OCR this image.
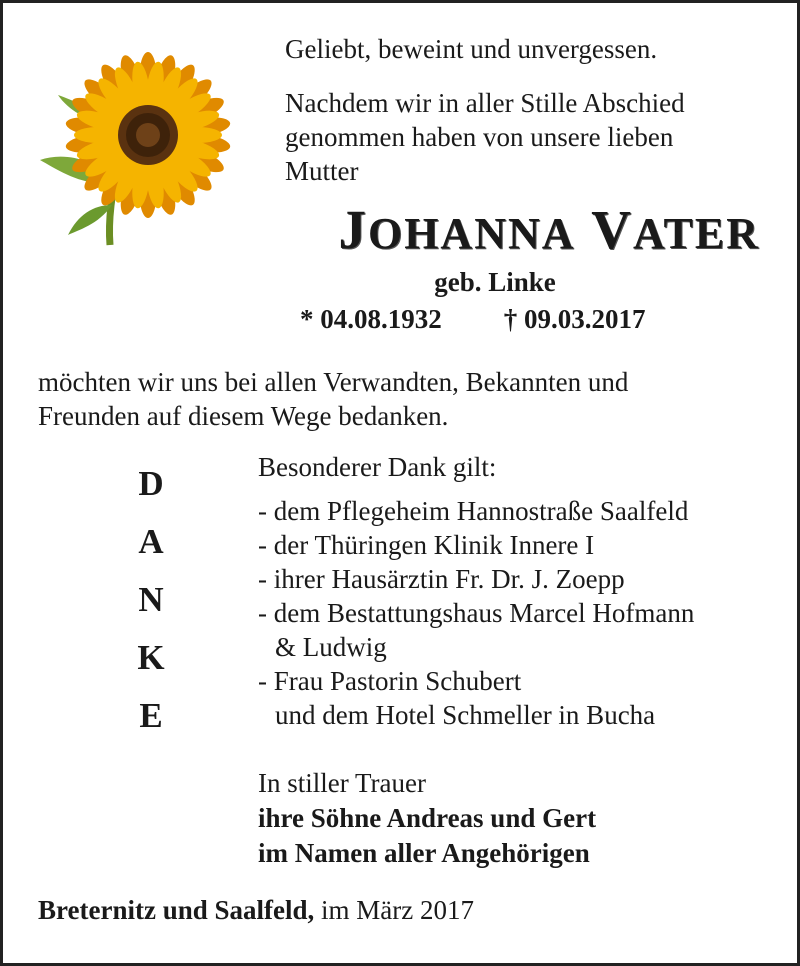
Geliebt, beweint und unvergessen.
Nachdem wir in aller Stille Abschied
genommen haben von unsere lieben
Mutter
JOHANNA VATER
geb. Linke
* 04.08.1932 † 09.03.2017
möchten wir uns bei allen Verwandten, Bekannten und
Freunden auf diesem Wege bedanken.
D
A
N
K
E
Besonderer Dank gilt:
- dem Pflegeheim Hannostraße Saalfeld
- der Thüringen Klinik Innere I
- ihrer Hausärztin Fr. Dr. J. Zoepp
- dem Bestattungshaus Marcel Hofmann
& Ludwig
- Frau Pastorin Schubert
und dem Hotel Schmeller in Bucha
In stiller Trauer
ihre Söhne Andreas und Gert
im Namen aller Angehörigen
Breternitz und Saalfeld, im März 2017
